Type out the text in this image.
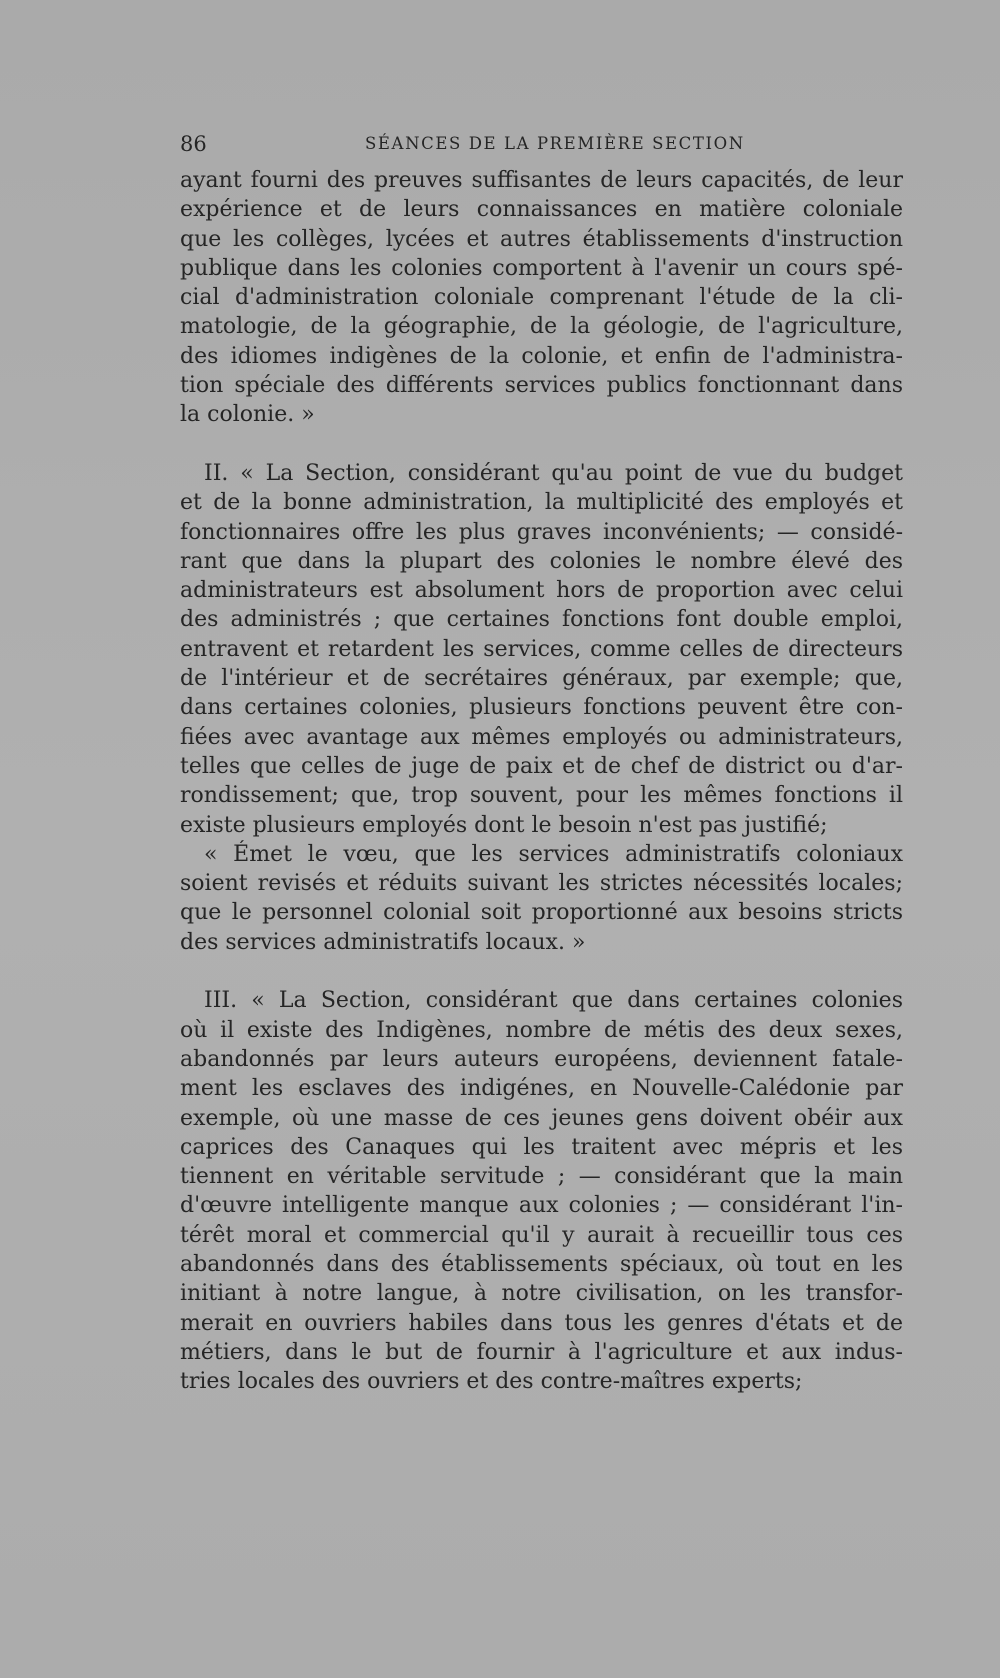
86	SÉANCES DE LA PREMIÈRE SECTION
ayant fourni des preuves suffisantes de leurs capacités, de leur
expérience et de leurs connaissances en matière coloniale
que les collèges, lycées et autres établissements d'instruction
publique dans les colonies comportent à l'avenir un cours spé-
cial d'administration coloniale comprenant l'étude de la cli-
matologie, de la géographie, de la géologie, de l'agriculture,
des idiomes indigènes de la colonie, et enfin de l'administra-
tion spéciale des différents services publics fonctionnant dans
la colonie. »
II. « La Section, considérant qu'au point de vue du budget
et de la bonne administration, la multiplicité des employés et
fonctionnaires offre les plus graves inconvénients; — considé-
rant que dans la plupart des colonies le nombre élevé des
administrateurs est absolument hors de proportion avec celui
des administrés ; que certaines fonctions font double emploi,
entravent et retardent les services, comme celles de directeurs
de l'intérieur et de secrétaires généraux, par exemple; que,
dans certaines colonies, plusieurs fonctions peuvent être con-
fiées avec avantage aux mêmes employés ou administrateurs,
telles que celles de juge de paix et de chef de district ou d'ar-
rondissement; que, trop souvent, pour les mêmes fonctions il
existe plusieurs employés dont le besoin n'est pas justifié;
« Émet le vœu, que les services administratifs coloniaux
soient revisés et réduits suivant les strictes nécessités locales;
que le personnel colonial soit proportionné aux besoins stricts
des services administratifs locaux. »
III. « La Section, considérant que dans certaines colonies
où il existe des Indigènes, nombre de métis des deux sexes,
abandonnés par leurs auteurs européens, deviennent fatale-
ment les esclaves des indigénes, en Nouvelle-Calédonie par
exemple, où une masse de ces jeunes gens doivent obéir aux
caprices des Canaques qui les traitent avec mépris et les
tiennent en véritable servitude ; — considérant que la main
d'œuvre intelligente manque aux colonies ; — considérant l'in-
térêt moral et commercial qu'il y aurait à recueillir tous ces
abandonnés dans des établissements spéciaux, où tout en les
initiant à notre langue, à notre civilisation, on les transfor-
merait en ouvriers habiles dans tous les genres d'états et de
métiers, dans le but de fournir à l'agriculture et aux indus-
tries locales des ouvriers et des contre-maîtres experts;
